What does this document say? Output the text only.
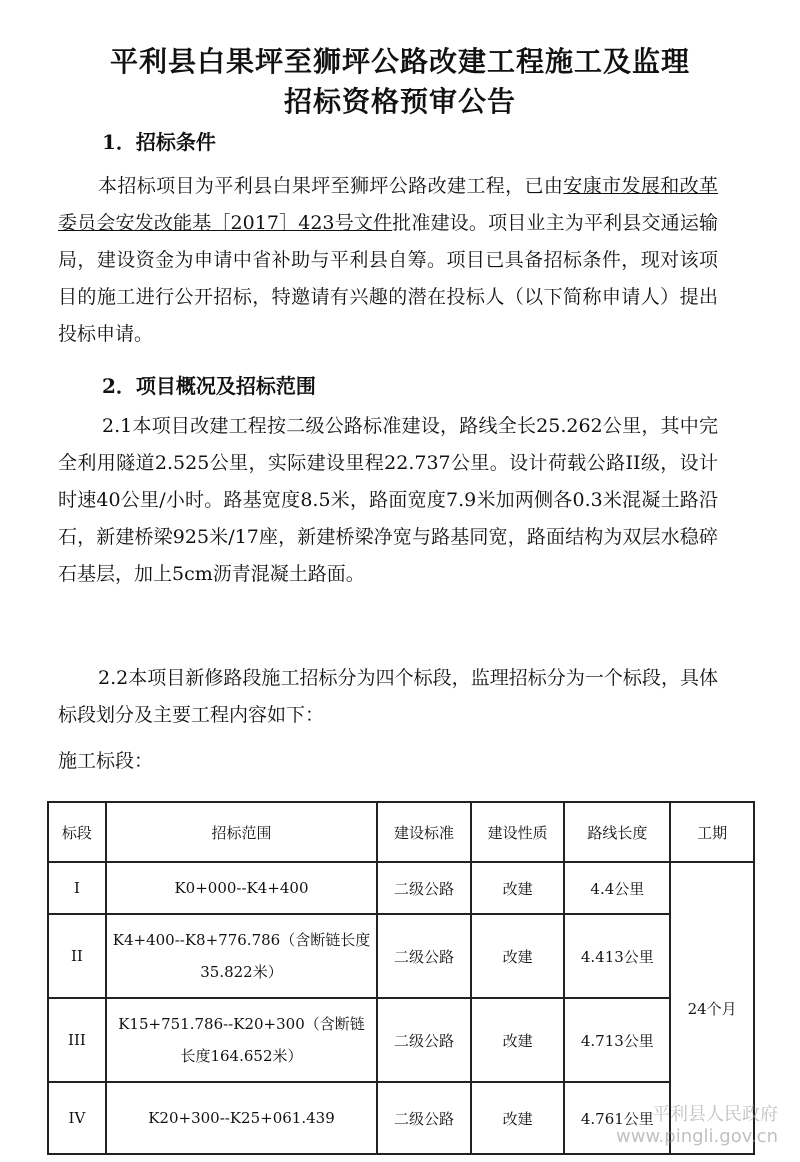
平利县白果坪至狮坪公路改建工程施工及监理
招标资格预审公告
1．招标条件

本招标项目为平利县白果坪至狮坪公路改建工程，已由安康市发展和改革委员会安发改能基［2017］423号文件批准建设。项目业主为平利县交通运输局，建设资金为申请中省补助与平利县自筹。项目已具备招标条件，现对该项目的施工进行公开招标，特邀请有兴趣的潜在投标人（以下简称申请人）提出投标申请。

2．项目概况及招标范围

2.1本项目改建工程按二级公路标准建设，路线全长25.262公里，其中完全利用隧道2.525公里，实际建设里程22.737公里。设计荷载公路II级，设计时速40公里/小时。路基宽度8.5米，路面宽度7.9米加两侧各0.3米混凝土路沿石，新建桥梁925米/17座，新建桥梁净宽与路基同宽，路面结构为双层水稳碎石基层，加上5cm沥青混凝土路面。

2.2本项目新修路段施工招标分为四个标段，监理招标分为一个标段，具体标段划分及主要工程内容如下：

施工标段：

标段	招标范围	建设标准	建设性质	路线长度	工期
I	K0+000--K4+400	二级公路	改建	4.4公里	24个月
II	K4+400--K8+776.786（含断链长度35.822米）	二级公路	改建	4.413公里	
III	K15+751.786--K20+300（含断链长度164.652米）	二级公路	改建	4.713公里	
IV	K20+300--K25+061.439	二级公路	改建	4.761公里	
平利县人民政府
www.pingli.gov.cn
